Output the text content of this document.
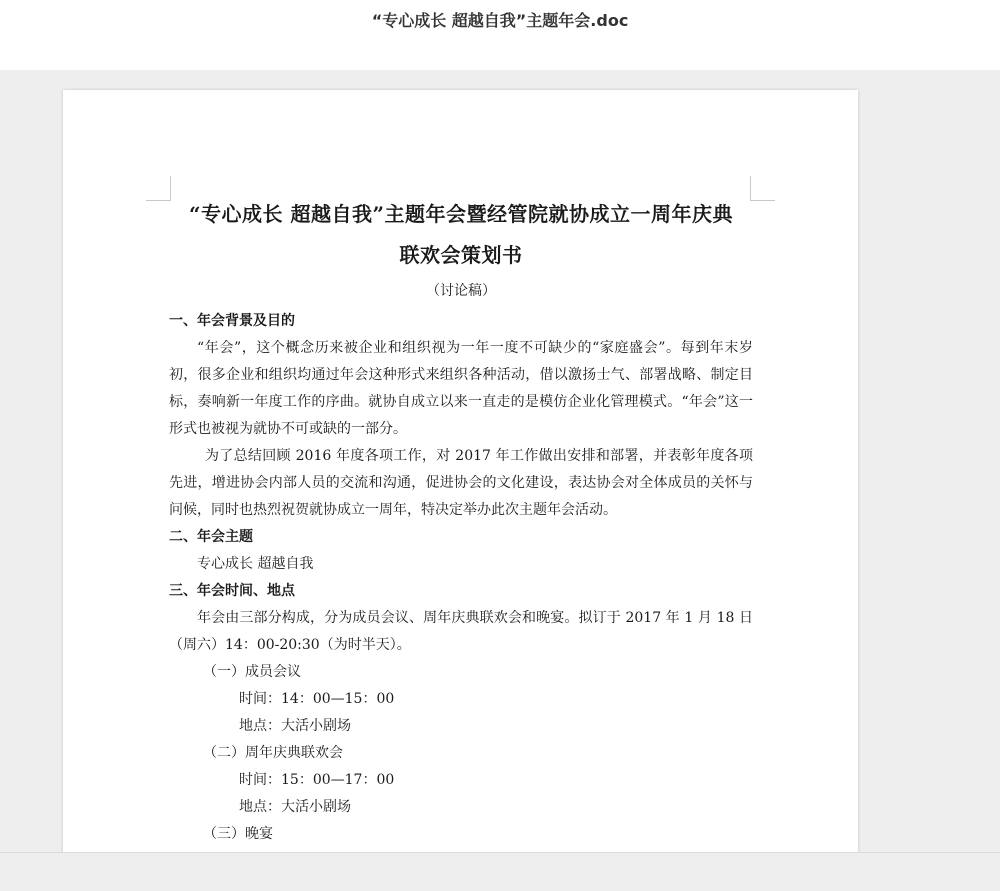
“专心成长 超越自我”主题年会.doc
“专心成长 超越自我”主题年会暨经管院就协成立一周年庆典
联欢会策划书
（讨论稿）
一、年会背景及目的
“年会”，这个概念历来被企业和组织视为一年一度不可缺少的“家庭盛会”。每到年末岁初，很多企业和组织均通过年会这种形式来组织各种活动，借以激扬士气、部署战略、制定目标，奏响新一年度工作的序曲。就协自成立以来一直走的是模仿企业化管理模式。“年会”这一形式也被视为就协不可或缺的一部分。
为了总结回顾 2016 年度各项工作，对 2017 年工作做出安排和部署，并表彰年度各项先进，增进协会内部人员的交流和沟通，促进协会的文化建设，表达协会对全体成员的关怀与问候，同时也热烈祝贺就协成立一周年，特决定举办此次主题年会活动。
二、年会主题
专心成长 超越自我
三、年会时间、地点
年会由三部分构成，分为成员会议、周年庆典联欢会和晚宴。拟订于 2017 年 1 月 18 日（周六）14：00-20:30（为时半天）。
（一）成员会议
时间：14：00—15：00
地点：大活小剧场
（二）周年庆典联欢会
时间：15：00—17：00
地点：大活小剧场
（三）晚宴
